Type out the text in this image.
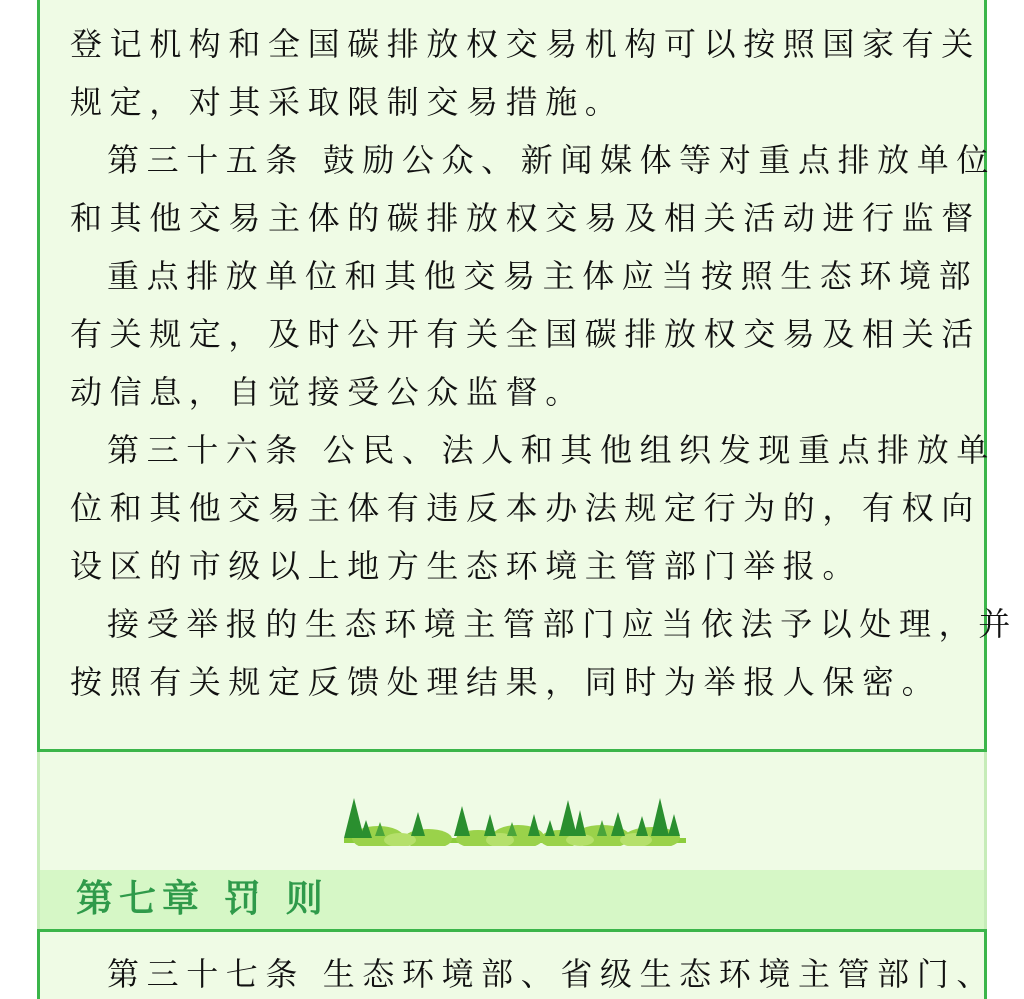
登记机构和全国碳排放权交易机构可以按照国家有关
规定，对其采取限制交易措施。
第三十五条 鼓励公众、新闻媒体等对重点排放单位
和其他交易主体的碳排放权交易及相关活动进行监督
重点排放单位和其他交易主体应当按照生态环境部
有关规定，及时公开有关全国碳排放权交易及相关活
动信息，自觉接受公众监督。
第三十六条 公民、法人和其他组织发现重点排放单
位和其他交易主体有违反本办法规定行为的，有权向
设区的市级以上地方生态环境主管部门举报。
接受举报的生态环境主管部门应当依法予以处理，并
按照有关规定反馈处理结果，同时为举报人保密。
第七章 罚 则
第三十七条 生态环境部、省级生态环境主管部门、
